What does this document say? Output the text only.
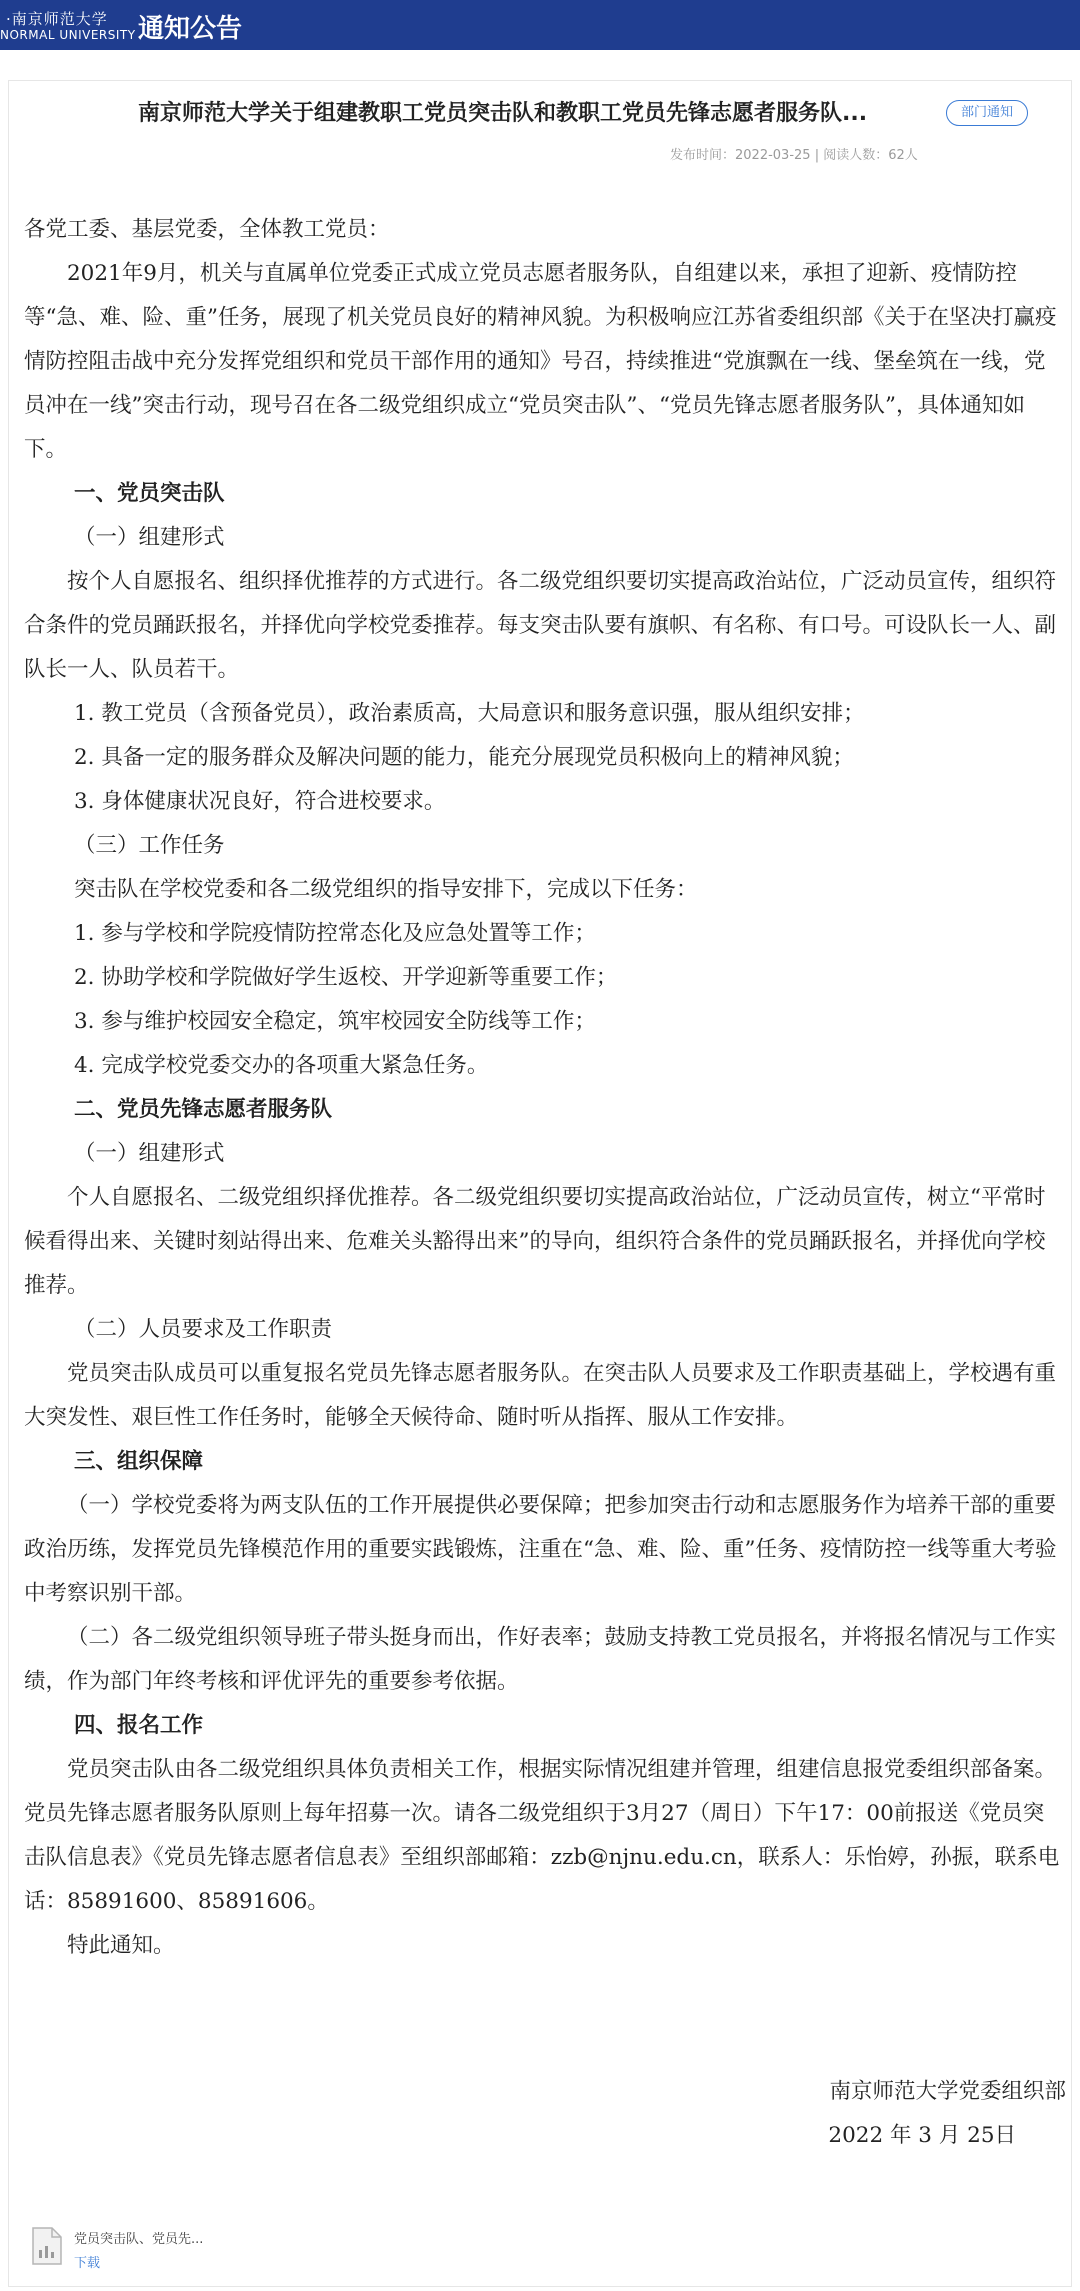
·南京师范大学
NORMAL UNIVERSITY 通知公告
南京师范大学关于组建教职工党员突击队和教职工党员先锋志愿者服务队...	部门通知
发布时间：2022-03-25 | 阅读人数：62人

各党工委、基层党委，全体教工党员：

2021年9月，机关与直属单位党委正式成立党员志愿者服务队，自组建以来，承担了迎新、疫情防控等“急、难、险、重”任务，展现了机关党员良好的精神风貌。为积极响应江苏省委组织部《关于在坚决打赢疫情防控阻击战中充分发挥党组织和党员干部作用的通知》号召，持续推进“党旗飘在一线、堡垒筑在一线，党员冲在一线”突击行动，现号召在各二级党组织成立“党员突击队”、“党员先锋志愿者服务队”，具体通知如下。

一、党员突击队

（一）组建形式

按个人自愿报名、组织择优推荐的方式进行。各二级党组织要切实提高政治站位，广泛动员宣传，组织符合条件的党员踊跃报名，并择优向学校党委推荐。每支突击队要有旗帜、有名称、有口号。可设队长一人、副队长一人、队员若干。

1. 教工党员（含预备党员），政治素质高，大局意识和服务意识强，服从组织安排；

2. 具备一定的服务群众及解决问题的能力，能充分展现党员积极向上的精神风貌；

3. 身体健康状况良好，符合进校要求。

（三）工作任务

突击队在学校党委和各二级党组织的指导安排下，完成以下任务：

1. 参与学校和学院疫情防控常态化及应急处置等工作；

2. 协助学校和学院做好学生返校、开学迎新等重要工作；

3. 参与维护校园安全稳定，筑牢校园安全防线等工作；

4. 完成学校党委交办的各项重大紧急任务。

二、党员先锋志愿者服务队

（一）组建形式

个人自愿报名、二级党组织择优推荐。各二级党组织要切实提高政治站位，广泛动员宣传，树立“平常时候看得出来、关键时刻站得出来、危难关头豁得出来”的导向，组织符合条件的党员踊跃报名，并择优向学校推荐。

（二）人员要求及工作职责

党员突击队成员可以重复报名党员先锋志愿者服务队。在突击队人员要求及工作职责基础上，学校遇有重大突发性、艰巨性工作任务时，能够全天候待命、随时听从指挥、服从工作安排。

三、组织保障

（一）学校党委将为两支队伍的工作开展提供必要保障；把参加突击行动和志愿服务作为培养干部的重要政治历练，发挥党员先锋模范作用的重要实践锻炼，注重在“急、难、险、重”任务、疫情防控一线等重大考验中考察识别干部。

（二）各二级党组织领导班子带头挺身而出，作好表率；鼓励支持教工党员报名，并将报名情况与工作实绩，作为部门年终考核和评优评先的重要参考依据。

四、报名工作

党员突击队由各二级党组织具体负责相关工作，根据实际情况组建并管理，组建信息报党委组织部备案。党员先锋志愿者服务队原则上每年招募一次。请各二级党组织于3月27（周日）下午17：00前报送《党员突击队信息表》《党员先锋志愿者信息表》至组织部邮箱：zzb@njnu.edu.cn，联系人：乐怡婷，孙振，联系电话：85891600、85891606。

特此通知。

南京师范大学党委组织部
2022 年 3 月 25日
党员突击队、党员先...
下载
